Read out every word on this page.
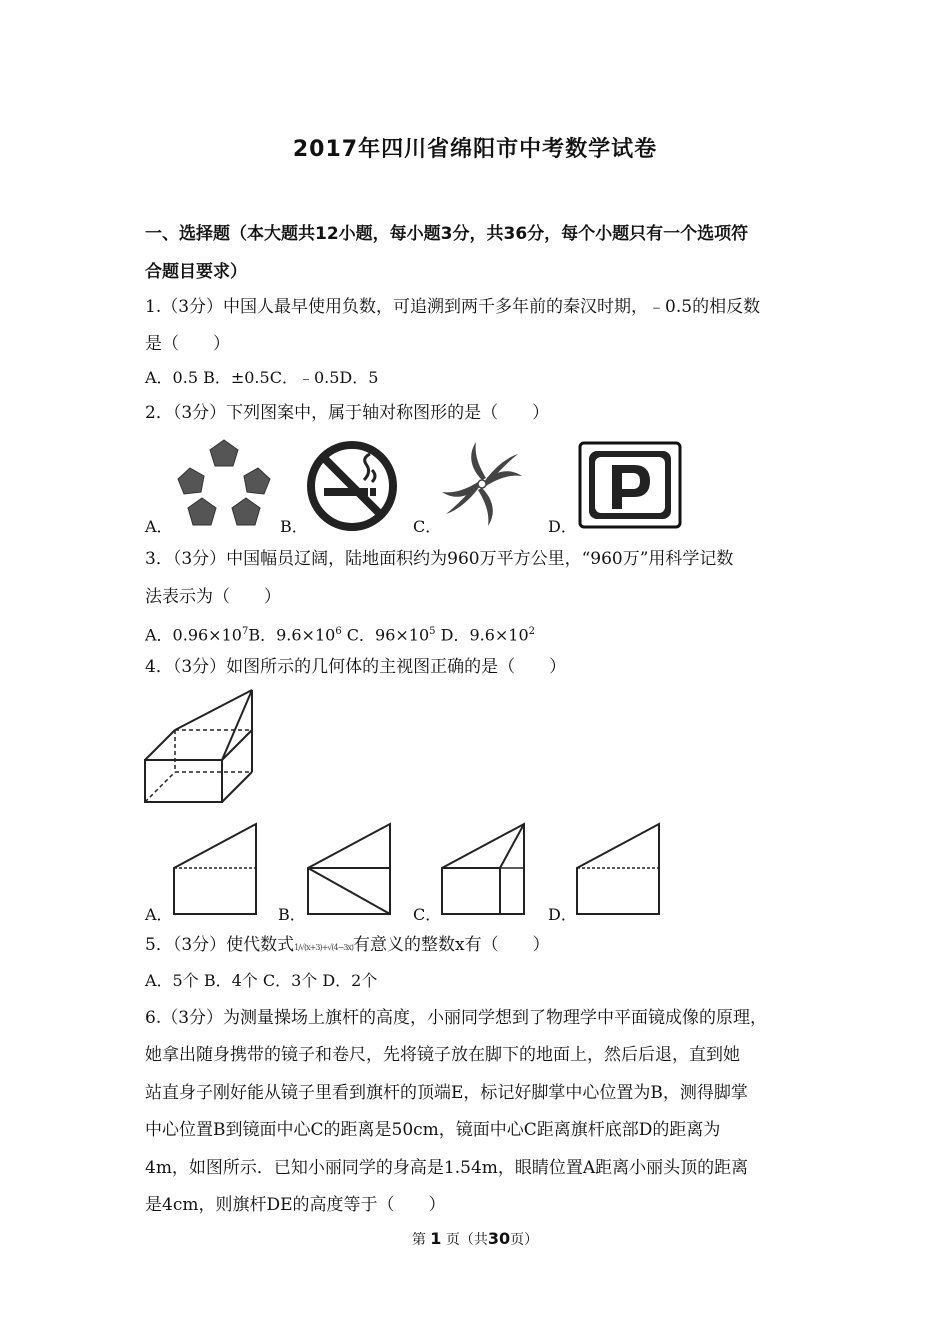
2017年四川省绵阳市中考数学试卷
一、选择题（本大题共12小题，每小题3分，共36分，每个小题只有一个选项符
合题目要求）
1.（3分）中国人最早使用负数，可追溯到两千多年前的秦汉时期，﹣0.5的相反数
是（　　）
A．0.5 B．±0.5C．﹣0.5D．5
2．（3分）下列图案中，属于轴对称图形的是（　　）
A．	B．	C．	D．
3．（3分）中国幅员辽阔，陆地面积约为960万平方公里，“960万”用科学记数
法表示为（　　）
A．$0.96\times 10^7B$．$9.6\times 10^6$ C．$96\times 10^5$ D．$9.6\times 10^2$
4．（3分）如图所示的几何体的主视图正确的是（　　）
A．	B．	C．	D．
5．（3分）使代数式1/√(x+3)+√(4−3x)有意义的整数x有（　　）
A．5个 B．4个 C．3个 D．2个
6.（3分）为测量操场上旗杆的高度，小丽同学想到了物理学中平面镜成像的原理，
她拿出随身携带的镜子和卷尺，先将镜子放在脚下的地面上，然后后退，直到她
站直身子刚好能从镜子里看到旗杆的顶端E，标记好脚掌中心位置为B，测得脚掌
中心位置B到镜面中心C的距离是50cm，镜面中心C距离旗杆底部D的距离为
4m，如图所示．已知小丽同学的身高是1.54m，眼睛位置A距离小丽头顶的距离
是4cm，则旗杆DE的高度等于（　　）
第 1 页（共30页）
